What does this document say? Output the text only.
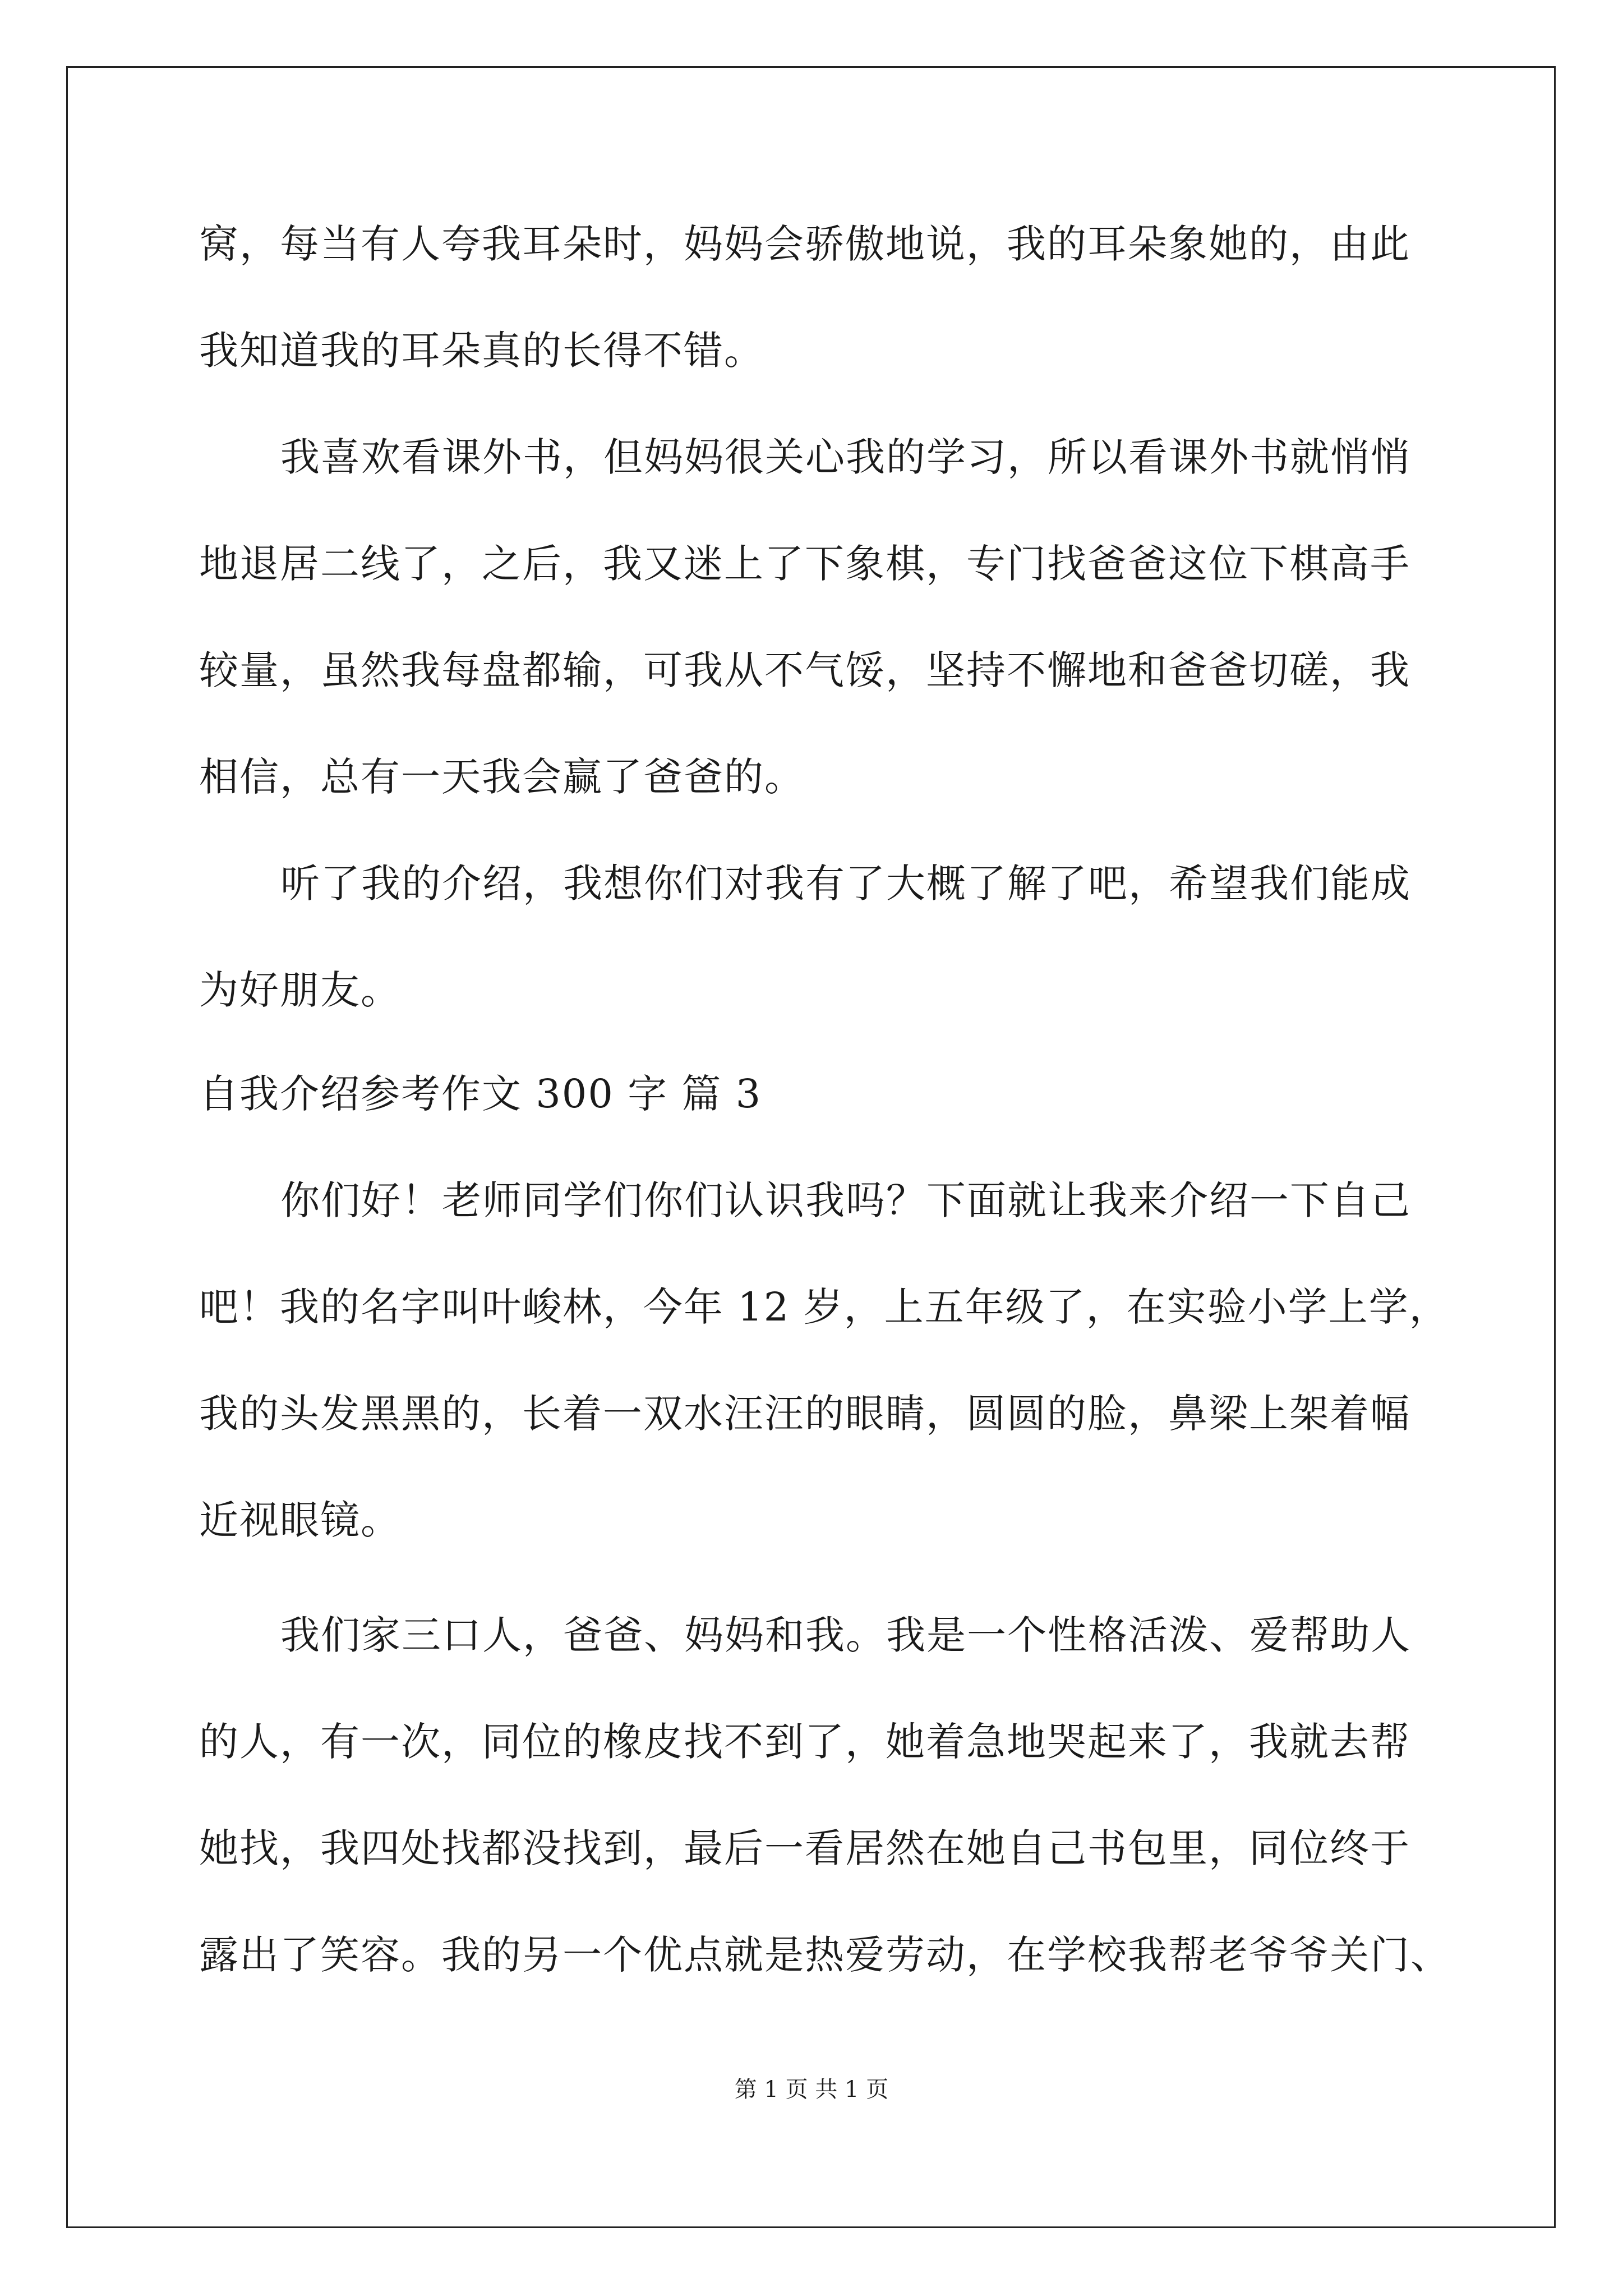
窝，每当有人夸我耳朵时，妈妈会骄傲地说，我的耳朵象她的，由此
我知道我的耳朵真的长得不错。
我喜欢看课外书，但妈妈很关心我的学习，所以看课外书就悄悄
地退居二线了，之后，我又迷上了下象棋，专门找爸爸这位下棋高手
较量，虽然我每盘都输，可我从不气馁，坚持不懈地和爸爸切磋，我
相信，总有一天我会赢了爸爸的。
听了我的介绍，我想你们对我有了大概了解了吧，希望我们能成
为好朋友。
自我介绍参考作文 300 字 篇 3
你们好！老师同学们你们认识我吗？下面就让我来介绍一下自己
吧！我的名字叫叶峻林，今年 12 岁，上五年级了，在实验小学上学，
我的头发黑黑的，长着一双水汪汪的眼睛，圆圆的脸，鼻梁上架着幅
近视眼镜。
我们家三口人，爸爸、妈妈和我。我是一个性格活泼、爱帮助人
的人，有一次，同位的橡皮找不到了，她着急地哭起来了，我就去帮
她找，我四处找都没找到，最后一看居然在她自己书包里，同位终于
露出了笑容。我的另一个优点就是热爱劳动，在学校我帮老爷爷关门、
第 1 页 共 1 页
